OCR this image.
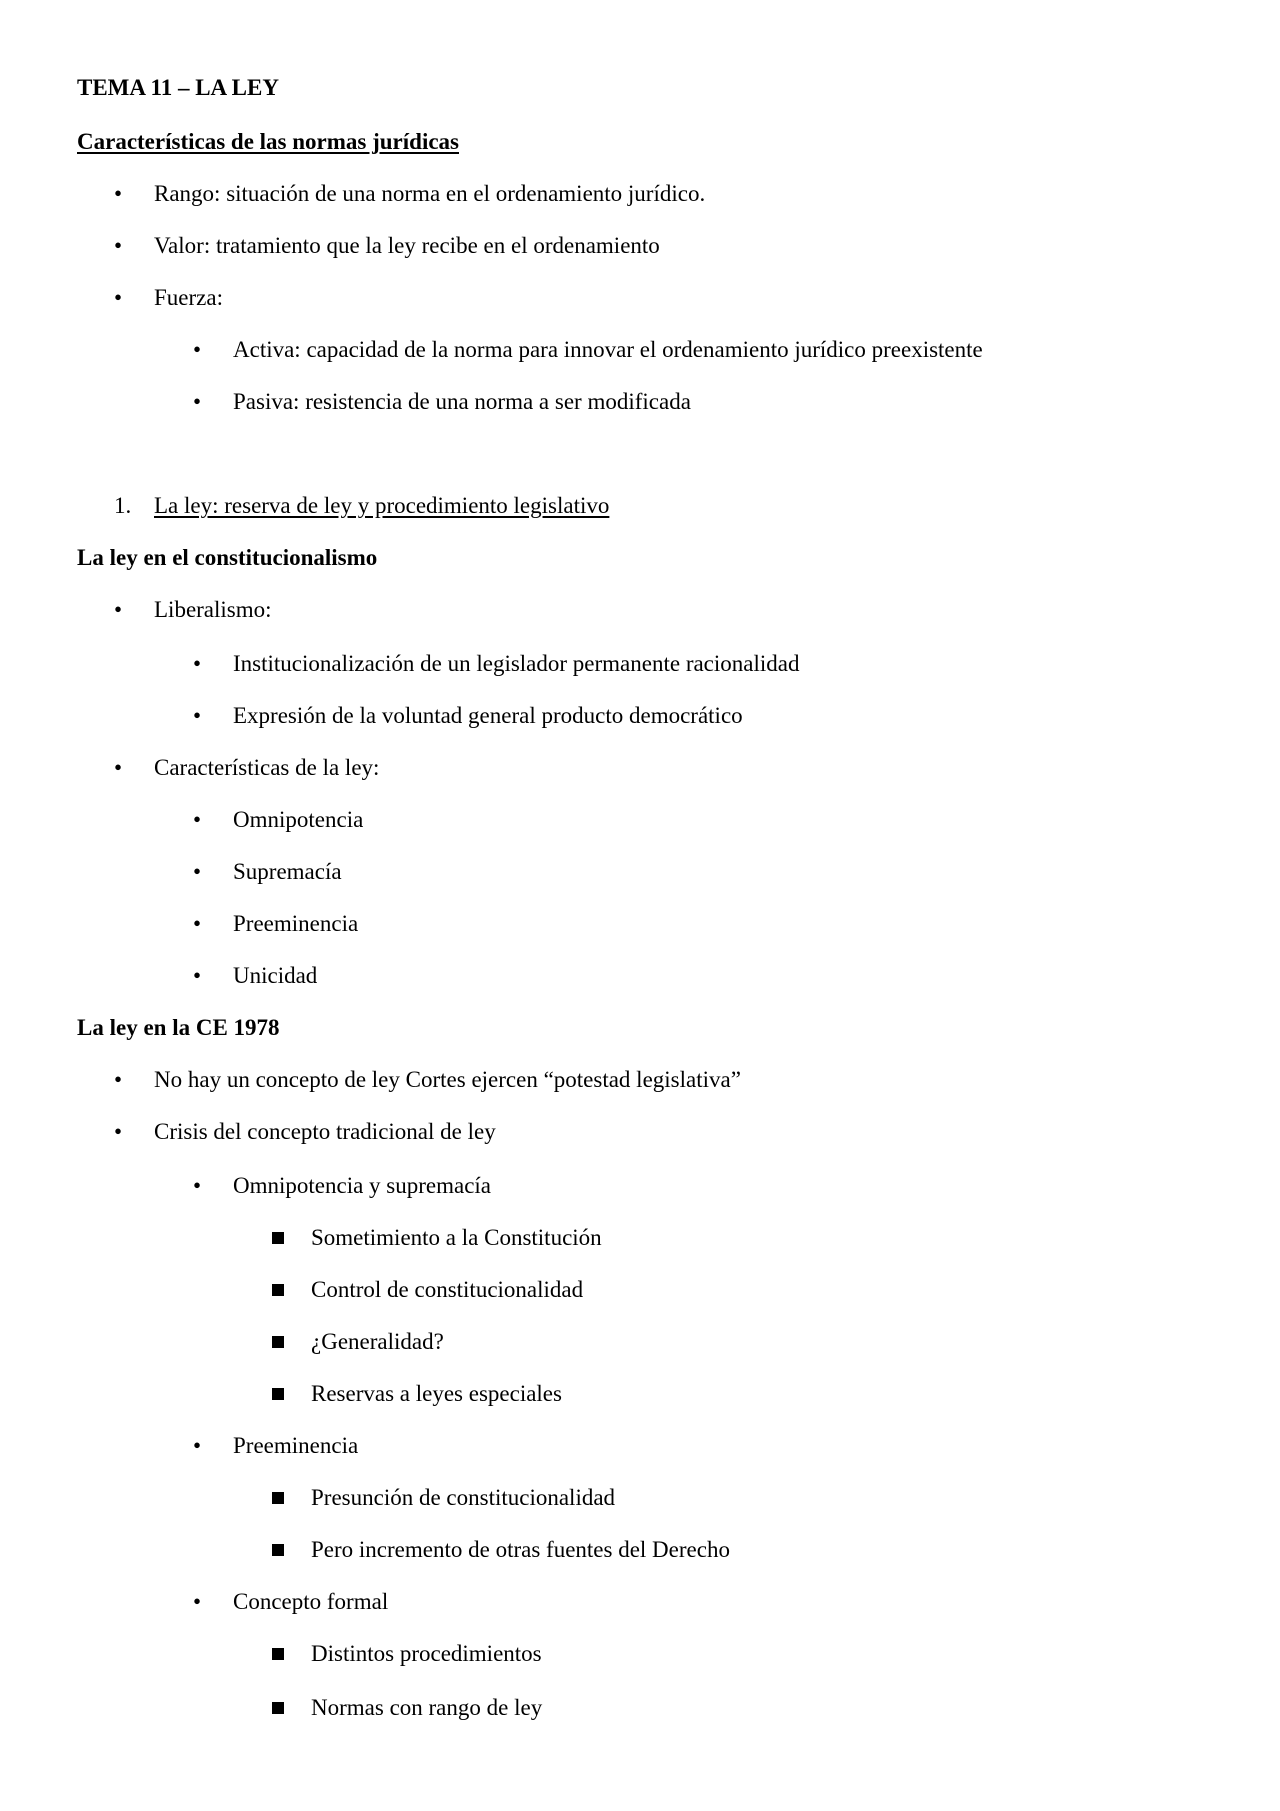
TEMA 11 – LA LEY
Características de las normas jurídicas
• Rango: situación de una norma en el ordenamiento jurídico.
• Valor: tratamiento que la ley recibe en el ordenamiento
• Fuerza:
• Activa: capacidad de la norma para innovar el ordenamiento jurídico preexistente
• Pasiva: resistencia de una norma a ser modificada
1. La ley: reserva de ley y procedimiento legislativo
La ley en el constitucionalismo
• Liberalismo:
• Institucionalización de un legislador permanente racionalidad
• Expresión de la voluntad general producto democrático
• Características de la ley:
• Omnipotencia
• Supremacía
• Preeminencia
• Unicidad
La ley en la CE 1978
• No hay un concepto de ley Cortes ejercen “potestad legislativa”
• Crisis del concepto tradicional de ley
• Omnipotencia y supremacía
Sometimiento a la Constitución
Control de constitucionalidad
¿Generalidad?
Reservas a leyes especiales
• Preeminencia
Presunción de constitucionalidad
Pero incremento de otras fuentes del Derecho
• Concepto formal
Distintos procedimientos
Normas con rango de ley
